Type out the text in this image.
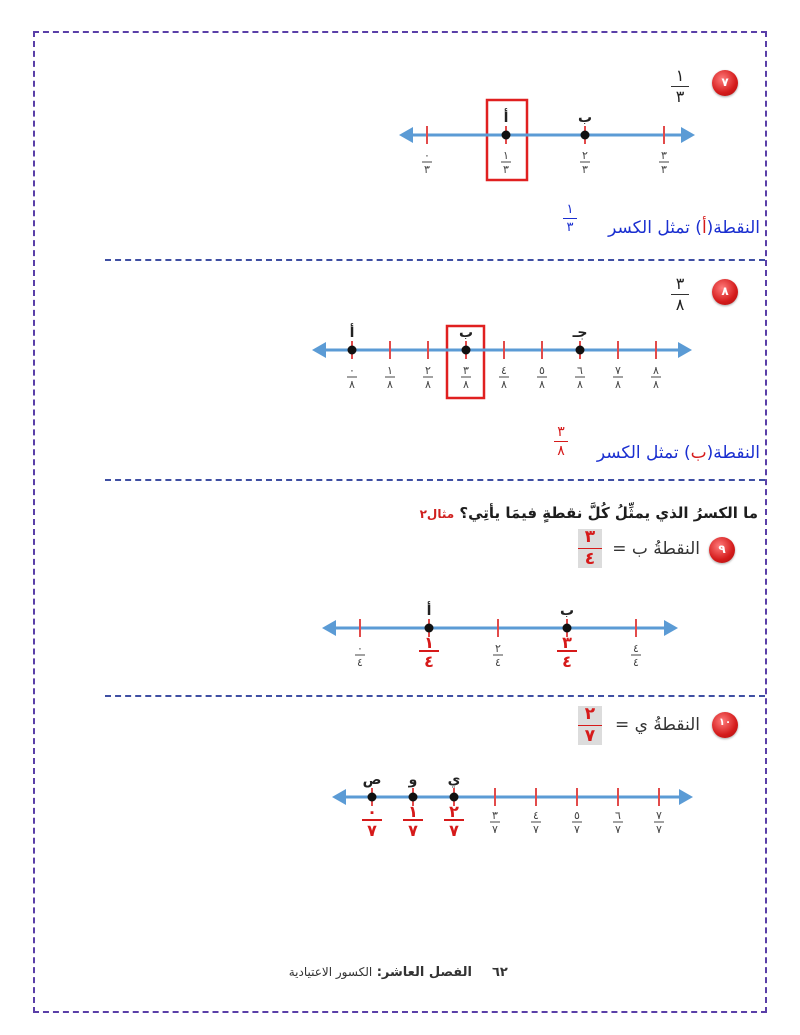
٧
١
٣
٠
٣
١
٣
٢
٣
٣
٣
أ	ب
النقطة(أ) تمثل الكسر
١
٣
٨
٣
٨
٠
٨
١
٨
٢
٨
٣
٨
٤
٨
٥
٨
٦
٨
٧
٨
٨
٨
أ	ب	جـ
النقطة(ب) تمثل الكسر
٣
٨
ما الكسرُ الذي يمثِّلُ كُلَّ نقطةٍ فيمَا يأتِي؟ مثال٢
٩
النقطةُ ب =
٣
٤
٠
٤
٢
٤
٤
٤
أ
١
٤
ب
٣
٤
١٠
النقطةُ ي =
٢
٧
٣
٧
٤
٧
٥
٧
٦
٧
٧
٧
ص
٠
٧
و
١
٧
ي
٢
٧
الفصل العاشر: الكسور الاعتيادية	٦٢
